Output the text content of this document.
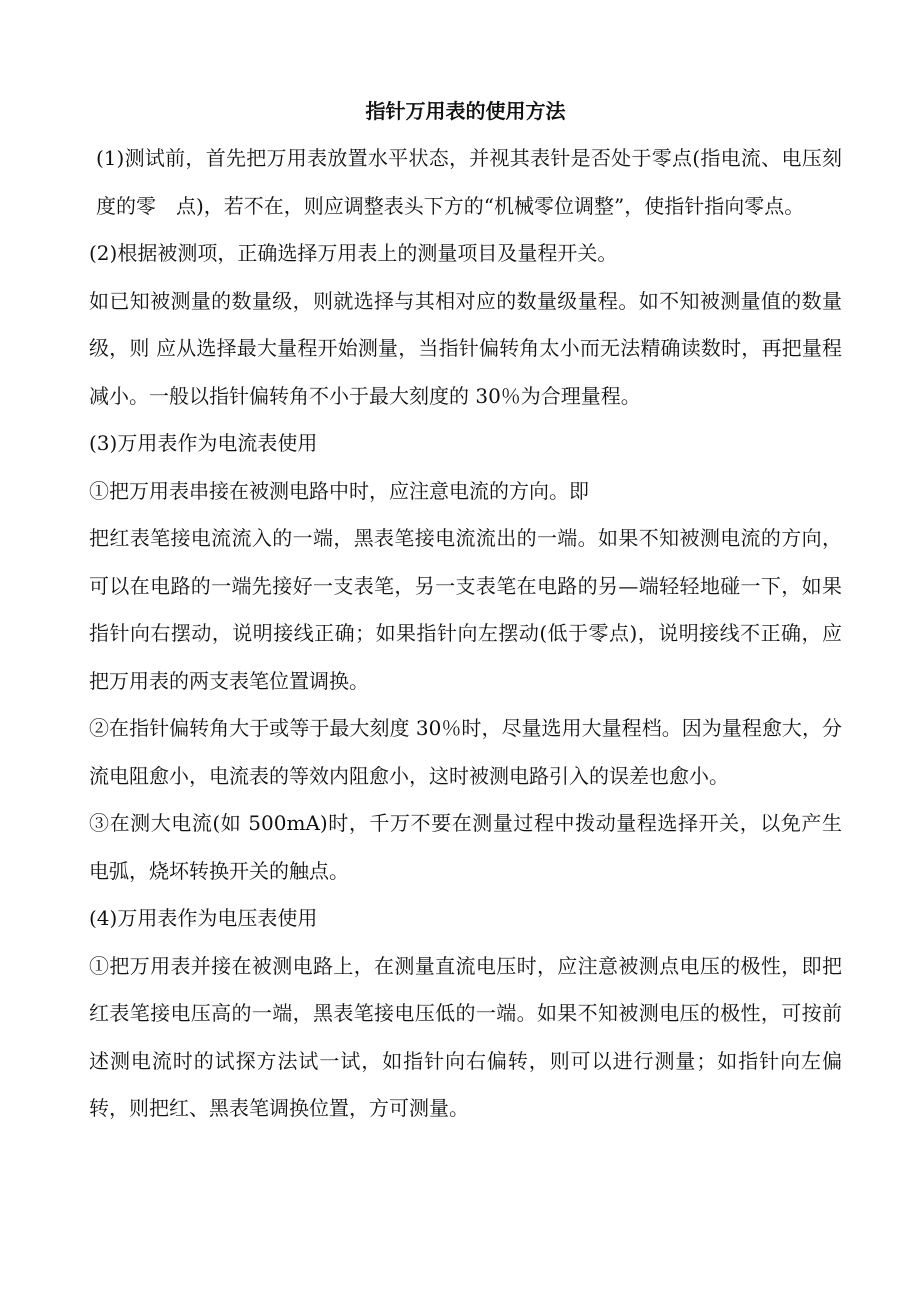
指针万用表的使用方法

(1)测试前，首先把万用表放置水平状态，并视其表针是否处于零点(指电流、电压刻度的零　点)，若不在，则应调整表头下方的“机械零位调整”，使指针指向零点。

(2)根据被测项，正确选择万用表上的测量项目及量程开关。

如已知被测量的数量级，则就选择与其相对应的数量级量程。如不知被测量值的数量级，则 应从选择最大量程开始测量，当指针偏转角太小而无法精确读数时，再把量程减小。一般以指针偏转角不小于最大刻度的 30％为合理量程。

(3)万用表作为电流表使用

①把万用表串接在被测电路中时，应注意电流的方向。即

把红表笔接电流流入的一端，黑表笔接电流流出的一端。如果不知被测电流的方向，可以在电路的一端先接好一支表笔，另一支表笔在电路的另—端轻轻地碰一下，如果指针向右摆动，说明接线正确；如果指针向左摆动(低于零点)，说明接线不正确，应把万用表的两支表笔位置调换。

②在指针偏转角大于或等于最大刻度 30％时，尽量选用大量程档。因为量程愈大，分流电阻愈小，电流表的等效内阻愈小，这时被测电路引入的误差也愈小。

③在测大电流(如 500mA)时，千万不要在测量过程中拨动量程选择开关，以免产生电弧，烧坏转换开关的触点。

(4)万用表作为电压表使用

①把万用表并接在被测电路上，在测量直流电压时，应注意被测点电压的极性，即把红表笔接电压高的一端，黑表笔接电压低的一端。如果不知被测电压的极性，可按前述测电流时的试探方法试一试，如指针向右偏转，则可以进行测量；如指针向左偏转，则把红、黑表笔调换位置，方可测量。
